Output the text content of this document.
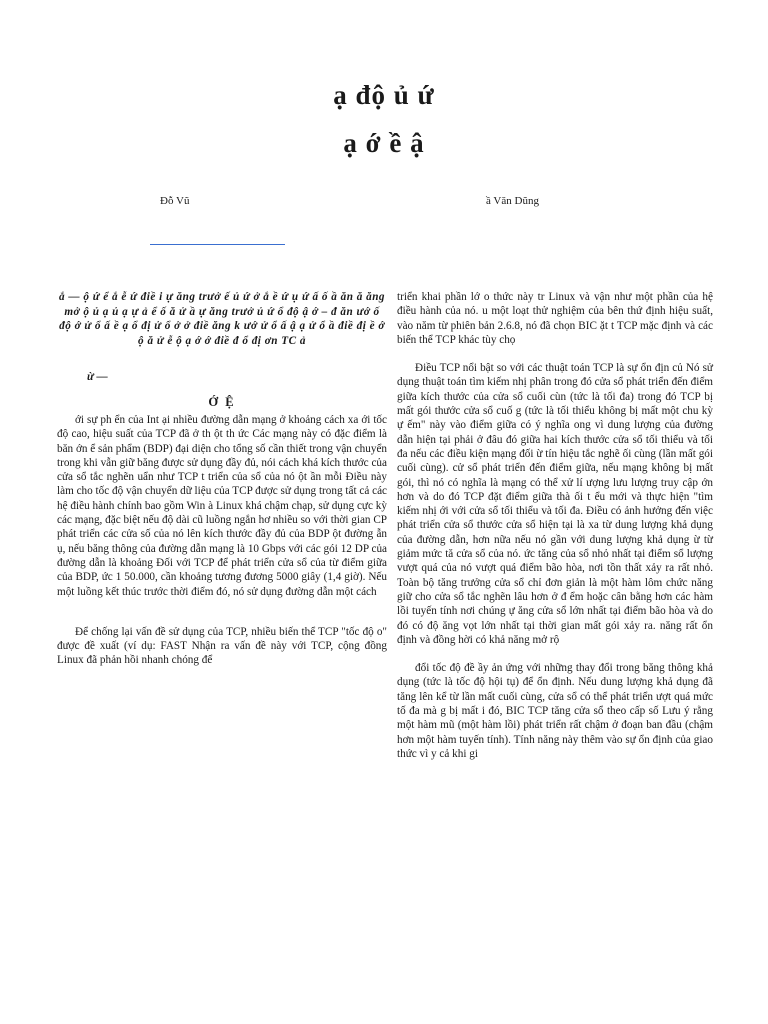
ạ độ ủ ứ
ạ ớ ề ậ
Đỗ Vũ	ầ Văn Dũng

ắ — ộ ứ ể ắ ễ ứ điề i ự ăng trưở ế ủ ứ ở ắ ề ứ ụ ứ ấ ố ầ ăn ă ăng mở ộ ủ ạ ủ ạ ự ả ể ố ă ử ầ ự ăng trưở ủ ứ ổ độ ậ ớ – đ ăn ướ ố độ ớ ử ổ ấ ề ạ ổ đị ử ổ ở ở điề ăng k ướ ử ổ ấ ậ ạ ử ổ ầ điề đị ề ớ ộ ă ử ễ ộ ạ ớ ớ điề đ ổ đị ơn TC ả

ừ —

Ớ Ệ

ới sự ph ển của Int ại nhiều đường dẫn mạng ở khoảng cách xa ới tốc độ cao, hiệu suất của TCP đã ở th ột th ức Các mạng này có đặc điểm là băn ớn ể sản phẩm (BDP) đại diện cho tổng số cần thiết trong vận chuyển trong khi vẫn giữ băng được sử dụng đầy đủ, nói cách khá kích thước của cửa sổ tắc nghẽn uẩn như TCP t triển của sổ của nó ột ần mỗi Điều này làm cho tốc độ vận chuyển dữ liệu của TCP được sử dụng trong tất cả các hệ điều hành chính bao gồm Win à Linux khá chậm chạp, sử dụng cực kỳ các mạng, đặc biệt nếu độ dài cũ luồng ngắn hơ nhiều so với thời gian CP phát triển các cửa số của nó lên kích thước đầy đủ của BDP ột đường ẫn ụ, nếu băng thông của đường dẫn mạng là 10 Gbps với các gói 12 DP của đường dẫn là khoảng Đối với TCP để phát triển cửa sổ của từ điểm giữa của BDP, ức 1 50.000, cần khoảng tương đương 5000 giây (1,4 giờ). Nếu một luồng kết thúc trước thời điểm đó, nó sử dụng đường dẫn một cách

Để chống lại vấn đề sử dụng của TCP, nhiều biến thể TCP "tốc độ o" được đề xuất (ví dụ: FAST Nhận ra vấn đề này với TCP, cộng đồng Linux đã phản hồi nhanh chóng để

triển khai phần lớ o thức này tr Linux và vận như một phần của hệ điều hành của nó. u một loạt thử nghiệm của bên thứ định hiệu suất, vào năm từ phiên bản 2.6.8, nó đã chọn BIC ặt t TCP mặc định và các biến thể TCP khác tùy chọ

Điều TCP nổi bật so với các thuật toán TCP là sự ổn địn củ Nó sử dụng thuật toán tìm kiếm nhị phân trong đó cửa sổ phát triển đến điểm giữa kích thước của cửa sổ cuối cùn (tức là tối đa) trong đó TCP bị mất gói thước cửa sổ cuố g (tức là tối thiểu không bị mất một chu kỳ ự ếm" này vào điểm giữa có ý nghĩa ong vì dung lượng của đường dẫn hiện tại phải ở đâu đó giữa hai kích thước cửa sổ tối thiểu và tối đa nếu các điều kiện mạng đối ừ tín hiệu tắc nghẽ ối cùng (lần mất gói cuối cùng). cử sổ phát triển đến điểm giữa, nếu mạng không bị mất gói, thì nó có nghĩa là mạng có thể xử lí ượng lưu lượng truy cập ớn hơn và do đó TCP đặt điểm giữa thà ối t ểu mới và thực hiện "tìm kiếm nhị ới với cửa sổ tối thiểu và tối đa. Điều có ảnh hưởng đến việc phát triển cửa sổ thước cửa sổ hiện tại là xa từ dung lượng khả dụng của đường dẫn, hơn nữa nếu nó gần với dung lượng khả dụng ừ từ giảm mức tă cửa sổ của nó. ức tăng của sổ nhỏ nhất tại điểm sổ lượng vượt quá của nó vượt quá điểm bão hòa, nơi tồn thất xảy ra rất nhỏ. Toàn bộ tăng trưởng cửa sổ chỉ đơn giản là một hàm lôm chức năng giữ cho cửa sổ tắc nghẽn lâu hơn ở đ ểm hoặc cân bằng hơn các hàm lồi tuyến tính nơi chúng ự ăng cửa sổ lớn nhất tại điểm bão hòa và do đó có độ ăng vọt lớn nhất tại thời gian mất gói xảy ra. năng rất ổn định và đồng hời có khả năng mở rộ

đổi tốc độ đề ầy ản ứng với những thay đổi trong băng thông khả dụng (tức là tốc độ hội tụ) để ổn định. Nếu dung lượng khả dụng đã tăng lên kể từ lần mất cuối cùng, cửa sổ có thể phát triển ượt quá mức tố đa mà g bị mất i đó, BIC TCP tăng cửa sổ theo cấp số Lưu ý rằng một hàm mũ (một hàm lồi) phát triển rất chậm ở đoạn ban đầu (chậm hơn một hàm tuyến tính). Tính năng này thêm vào sự ổn định của giao thức vì y cả khi gi
